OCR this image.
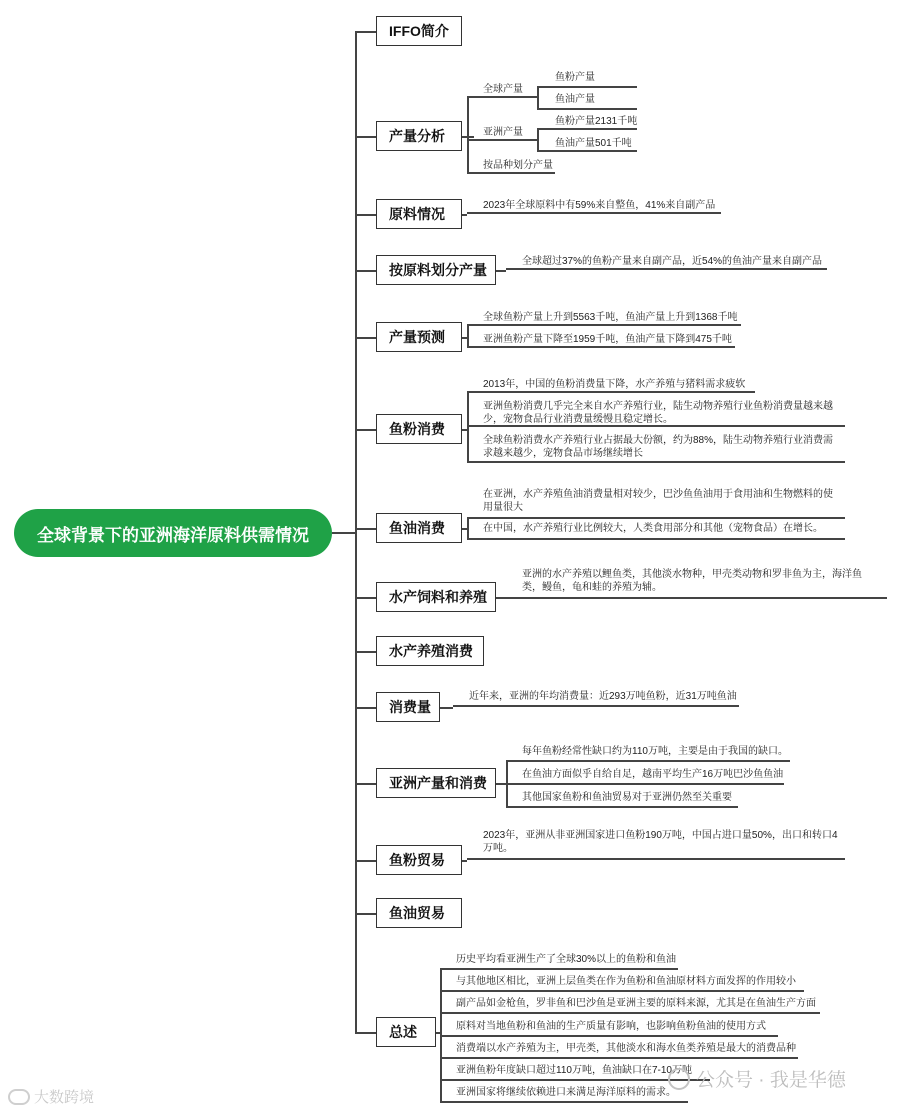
全球背景下的亚洲海洋原料供需情况
IFFO简介
产量分析
全球产量
鱼粉产量
鱼油产量
亚洲产量
鱼粉产量2131千吨
鱼油产量501千吨
按品种划分产量
原料情况
2023年全球原料中有59%来自整鱼，41%来自副产品
按原料划分产量
全球超过37%的鱼粉产量来自副产品，近54%的鱼油产量来自副产品
产量预测
全球鱼粉产量上升到5563千吨，鱼油产量上升到1368千吨
亚洲鱼粉产量下降至1959千吨，鱼油产量下降到475千吨
鱼粉消费
2013年，中国的鱼粉消费量下降，水产养殖与猪料需求疲软
亚洲鱼粉消费几乎完全来自水产养殖行业，陆生动物养殖行业鱼粉消费量越来越少，宠物食品行业消费量缓慢且稳定增长。
全球鱼粉消费水产养殖行业占据最大份额，约为88%，陆生动物养殖行业消费需求越来越少，宠物食品市场继续增长
鱼油消费
在亚洲，水产养殖鱼油消费量相对较少，巴沙鱼鱼油用于食用油和生物燃料的使用量很大
在中国，水产养殖行业比例较大，人类食用部分和其他（宠物食品）在增长。
水产饲料和养殖
亚洲的水产养殖以鲤鱼类，其他淡水物种，甲壳类动物和罗非鱼为主，海洋鱼类，鳗鱼，龟和蛙的养殖为辅。
水产养殖消费
消费量
近年来，亚洲的年均消费量：近293万吨鱼粉，近31万吨鱼油
亚洲产量和消费
每年鱼粉经常性缺口约为110万吨，主要是由于我国的缺口。
在鱼油方面似乎自给自足，越南平均生产16万吨巴沙鱼鱼油
其他国家鱼粉和鱼油贸易对于亚洲仍然至关重要
鱼粉贸易
2023年，亚洲从非亚洲国家进口鱼粉190万吨，中国占进口量50%，出口和转口4万吨。
鱼油贸易
总述
历史平均看亚洲生产了全球30%以上的鱼粉和鱼油
与其他地区相比，亚洲上层鱼类在作为鱼粉和鱼油原材料方面发挥的作用较小
副产品如金枪鱼，罗非鱼和巴沙鱼是亚洲主要的原料来源，尤其是在鱼油生产方面
原料对当地鱼粉和鱼油的生产质量有影响，也影响鱼粉鱼油的使用方式
消费端以水产养殖为主，甲壳类，其他淡水和海水鱼类养殖是最大的消费品种
亚洲鱼粉年度缺口超过110万吨，鱼油缺口在7-10万吨
亚洲国家将继续依赖进口来满足海洋原料的需求。
大数跨境
公众号 · 我是华德
